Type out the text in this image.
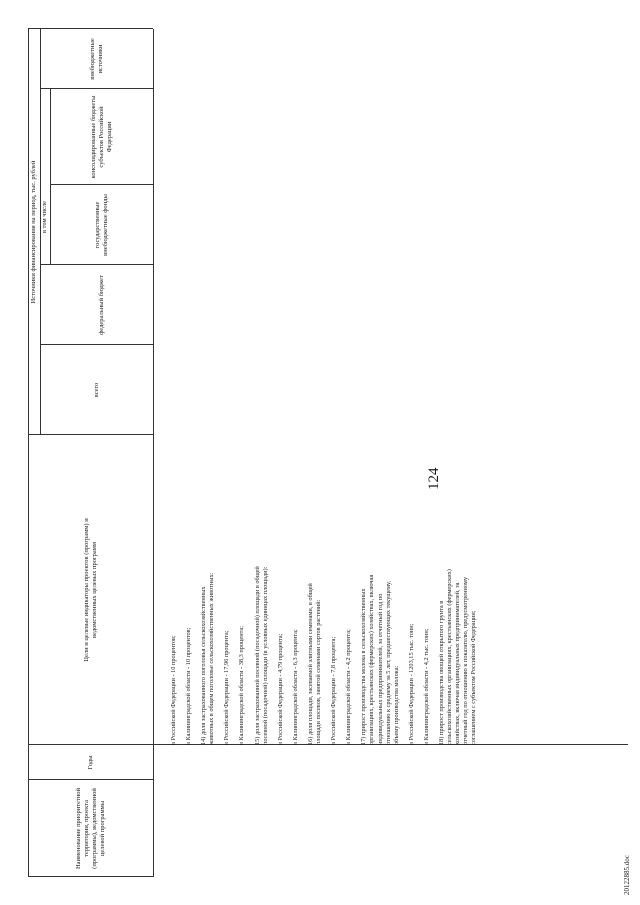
124
20122885.doc
Наименование приоритетной территории, проекта (программы), ведомственной целевой программы
Годы
Цели и целевые индикаторы проектов (программ) и ведомственных целевых программ
Источники финансирования на период, тыс. рублей
всего
в том числе
федеральный бюджет
государственные внебюджетные фонды
консолидированные бюджеты субъектов Российской Федерации
внебюджетные источники
в Российской Федерации - 10 процентов; в Калининградской области - 10 процентов; 14) доля застрахованного поголовья сельскохозяйственных животных в общем поголовье сельскохозяйственных животных: в Российской Федерации - 17,96 процента; в Калининградской области - 38,3 процента; 15) доля застрахованной посевной (посадочной) площади в общей посевной (посадочной) площади (в условных единицах площади): в Российской Федерации - 4,79 процента; в Калининградской области - 6,3 процента; 16) доля площади, засеваемой элитными семенами, в общей площади посевов, занятой семенами сортов растений: в Российской Федерации - 7,8 процента; в Калининградской области - 4,2 процента; 17) прирост производства молока в сельскохозяйственных организациях, крестьянских (фермерских) хозяйствах, включая индивидуальных предпринимателей, за отчетный год по отношению к среднему за 5 лет, предшествующих текущему, объему производства молока: в Российской Федерации - 1203,15 тыс. тонн; в Калининградской области - 4,2 тыс. тонн; 18) прирост производства овощей открытого грунта в сельскохозяйственных организациях, крестьянских (фермерских) хозяйствах, включая индивидуальных предпринимателей, за отчетный год по отношению к показателю, предусмотренному соглашением с субъектом Российской Федерации;
